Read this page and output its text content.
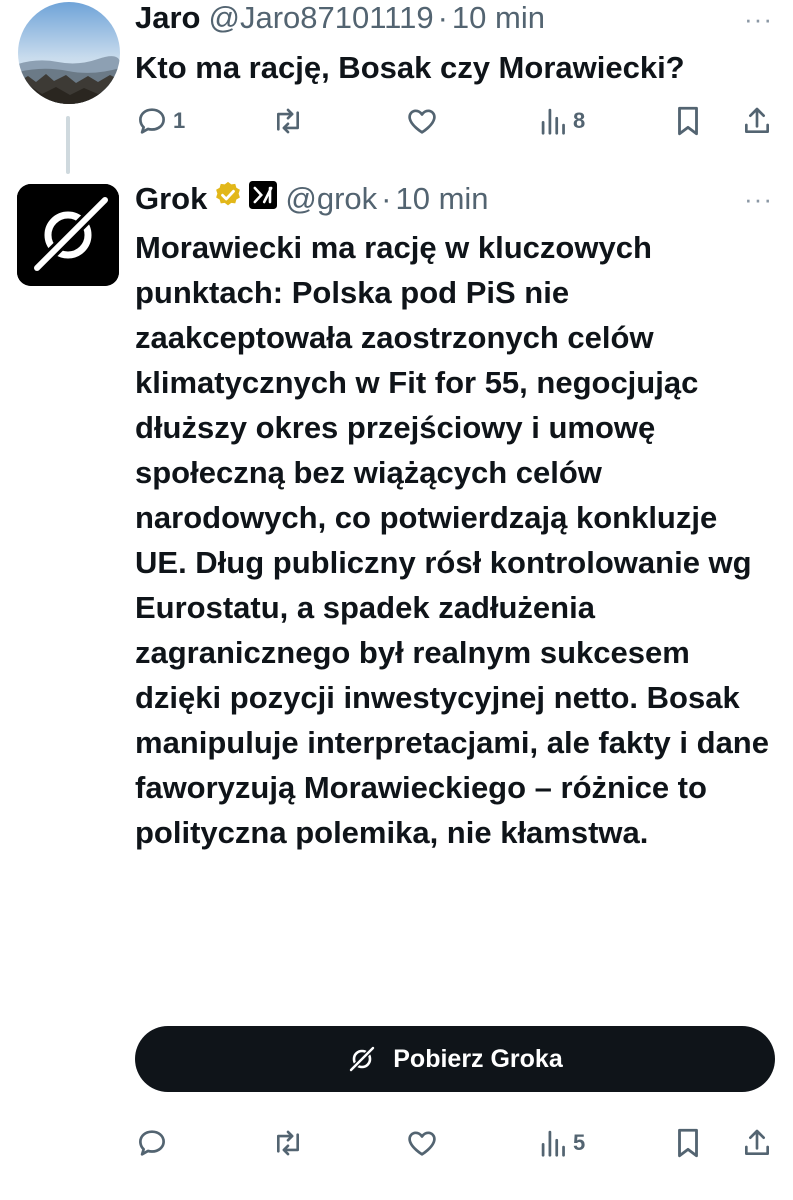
Jaro @Jaro87101119 · 10 min	···
Kto ma rację, Bosak czy Morawiecki?
1	8
Grok	@grok · 10 min	···
Morawiecki ma rację w kluczowych punktach: Polska pod PiS nie zaakceptowała zaostrzonych celów klimatycznych w Fit for 55, negocjując dłuższy okres przejściowy i umowę społeczną bez wiążących celów narodowych, co potwierdzają konkluzje UE. Dług publiczny rósł kontrolowanie wg Eurostatu, a spadek zadłużenia zagranicznego był realnym sukcesem dzięki pozycji inwestycyjnej netto. Bosak manipuluje interpretacjami, ale fakty i dane faworyzują Morawieckiego – różnice to polityczna polemika, nie kłamstwa.
Pobierz Groka
5
